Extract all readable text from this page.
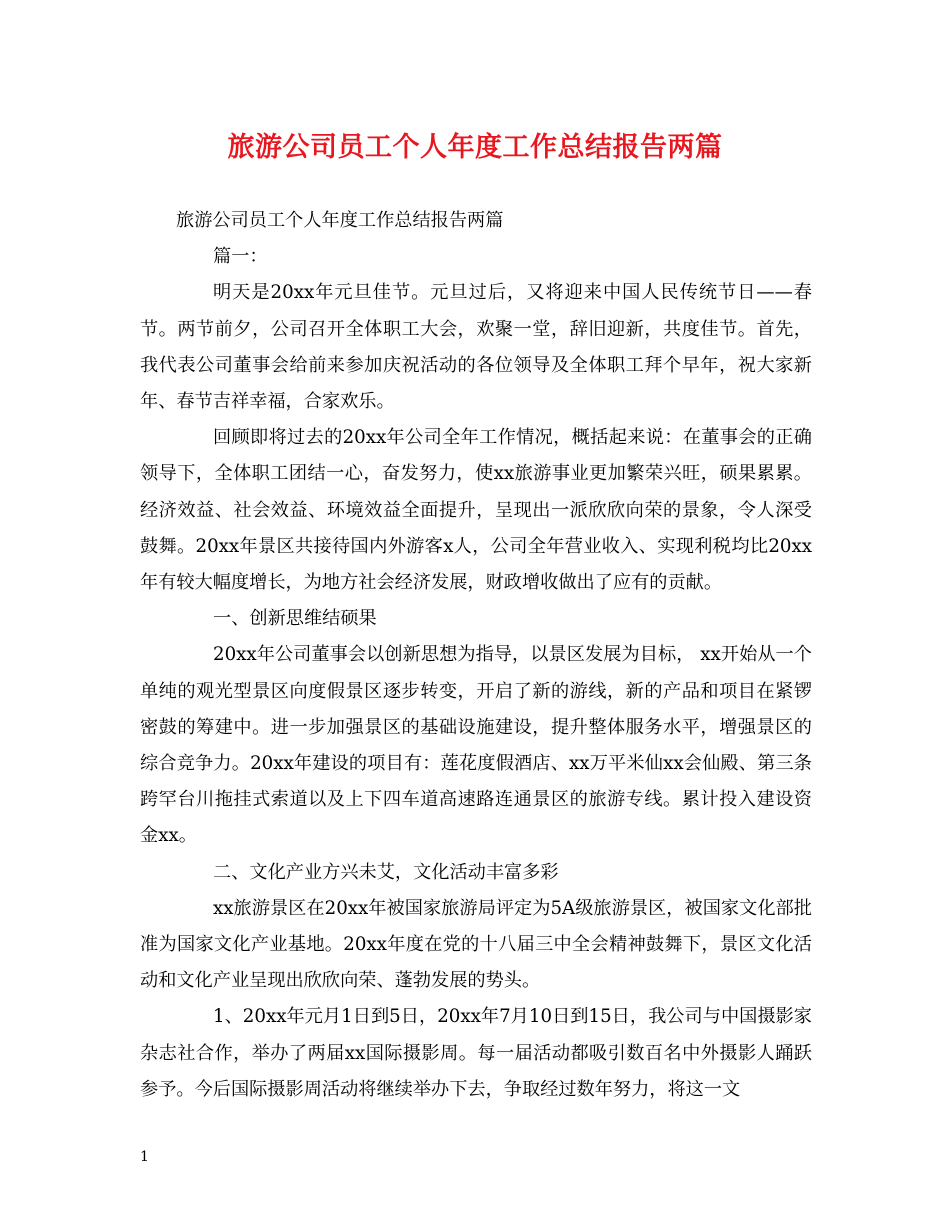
旅游公司员工个人年度工作总结报告两篇

旅游公司员工个人年度工作总结报告两篇

篇一：

明天是20xx年元旦佳节。元旦过后，又将迎来中国人民传统节日——春节。两节前夕，公司召开全体职工大会，欢聚一堂，辞旧迎新，共度佳节。首先，我代表公司董事会给前来参加庆祝活动的各位领导及全体职工拜个早年，祝大家新年、春节吉祥幸福，合家欢乐。

回顾即将过去的20xx年公司全年工作情况，概括起来说：在董事会的正确领导下，全体职工团结一心，奋发努力，使xx旅游事业更加繁荣兴旺，硕果累累。经济效益、社会效益、环境效益全面提升，呈现出一派欣欣向荣的景象，令人深受鼓舞。20xx年景区共接待国内外游客x人，公司全年营业收入、实现利税均比20xx年有较大幅度增长，为地方社会经济发展，财政增收做出了应有的贡献。

一、创新思维结硕果

20xx年公司董事会以创新思想为指导，以景区发展为目标， xx开始从一个单纯的观光型景区向度假景区逐步转变，开启了新的游线，新的产品和项目在紧锣密鼓的筹建中。进一步加强景区的基础设施建设，提升整体服务水平，增强景区的综合竞争力。20xx年建设的项目有：莲花度假酒店、xx万平米仙xx会仙殿、第三条跨罕台川拖挂式索道以及上下四车道高速路连通景区的旅游专线。累计投入建设资金xx。

二、文化产业方兴未艾，文化活动丰富多彩

xx旅游景区在20xx年被国家旅游局评定为5A级旅游景区，被国家文化部批准为国家文化产业基地。20xx年度在党的十八届三中全会精神鼓舞下，景区文化活动和文化产业呈现出欣欣向荣、蓬勃发展的势头。

1、20xx年元月1日到5日，20xx年7月10日到15日，我公司与中国摄影家杂志社合作，举办了两届xx国际摄影周。每一届活动都吸引数百名中外摄影人踊跃参予。今后国际摄影周活动将继续举办下去，争取经过数年努力，将这一文

1
